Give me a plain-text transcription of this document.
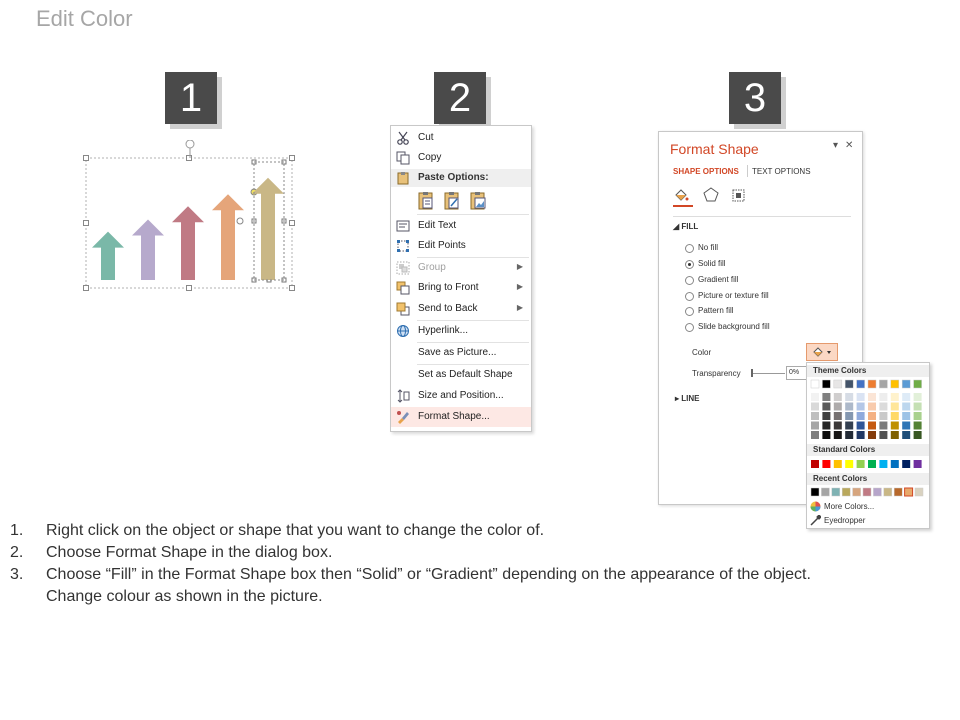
Edit Color
1	2	3
Cut
Copy
Paste Options:
Edit Text
Edit Points
Group	▶
Bring to Front	▶
Send to Back	▶
Hyperlink...
Save as Picture...
Set as Default Shape
Size and Position...
Format Shape...
Format Shape	▾ ✕
SHAPE OPTIONS TEXT OPTIONS
◢ FILL
No fill
Solid fill
Gradient fill
Picture or texture fill
Pattern fill
Slide background fill
Color
Transparency	0%
▸ LINE
Theme Colors
Standard Colors
Recent Colors
More Colors...
Eyedropper
1.	Right click on the object or shape that you want to change the color of.
2.	Choose Format Shape in the dialog box.
3.	Choose “Fill” in the Format Shape box then “Solid” or “Gradient” depending on the appearance of the object.
Change colour as shown in the picture.
